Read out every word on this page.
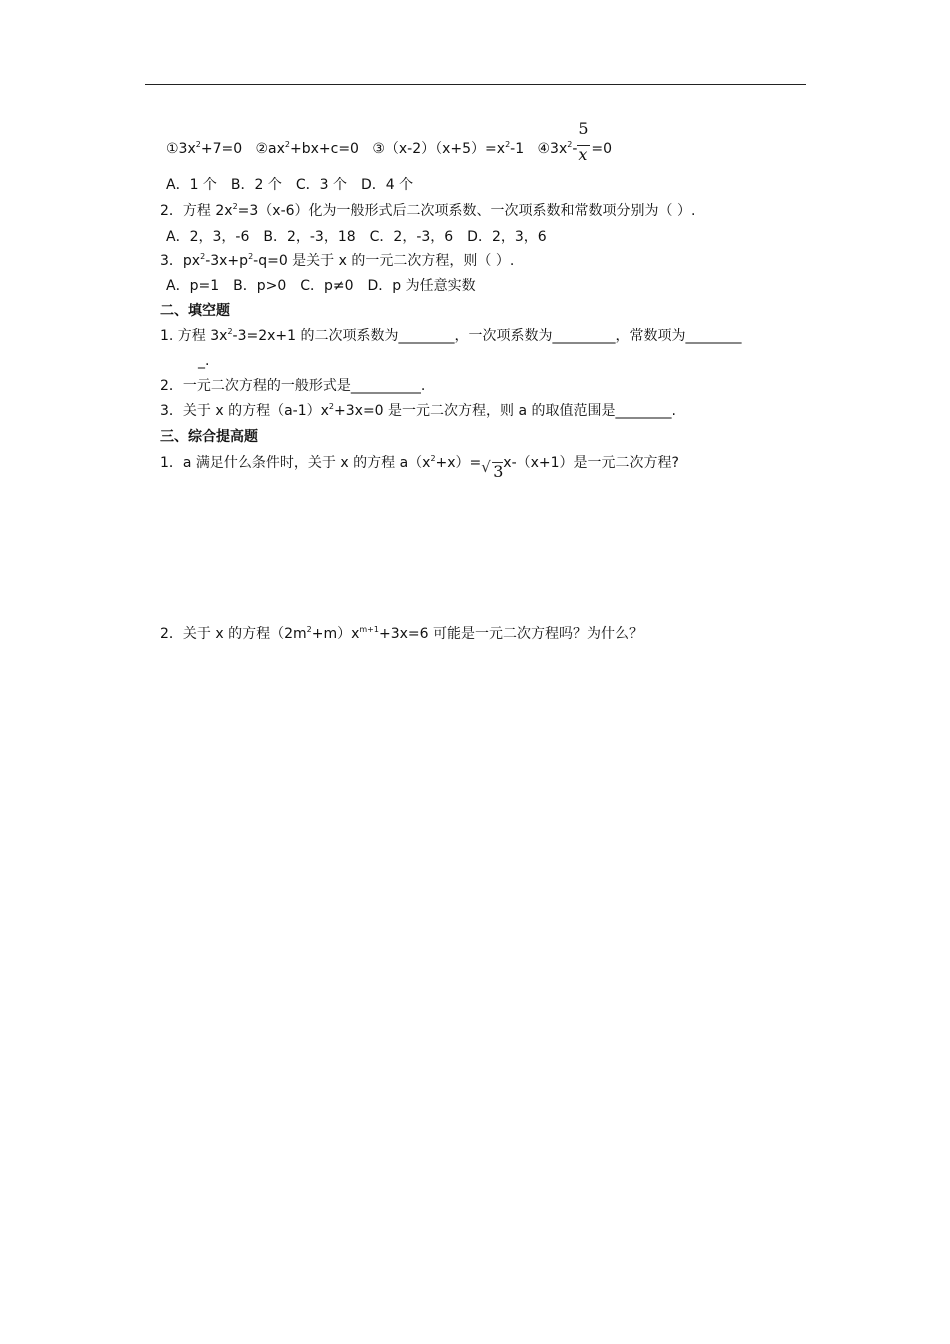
$①3x^2+7=0$ $②ax^2+bx+c=0$ $③(x-2)(x+5)=x^2-1$ $④3x^2- \frac{5}{x} =0$
A．1 个　B．2 个　C．3 个　D．4 个
2．方程 $2x^2=3(x-6)$化为一般形式后二次项系数、一次项系数和常数项分别为（ ）.
A．2，3，-6　B．2，-3，18　C．2，-3，6　D．2，3，6
3．$px^2-3x+p^2-q=0$ 是关于 x 的一元二次方程，则（ ）.
A．p=1　B．p>0　C．p≠0　D．p 为任意实数
二、填空题
1. 方程 $3x^2-3=2x+1$ 的二次项系数为________，一次项系数为_________，常数项为________
_.
2．一元二次方程的一般形式是__________.
3．关于 x 的方程$(a-1)x^2+3x=0$ 是一元二次方程，则 a 的取值范围是________.
三、综合提高题
1．a 满足什么条件时，关于 x 的方程 $a(x^2+x)=$ √ 3 x-（x+1）是一元二次方程?
2．关于 x 的方程$(2m^2+m)x^{m+1}+3x=6$ 可能是一元二次方程吗？为什么？
